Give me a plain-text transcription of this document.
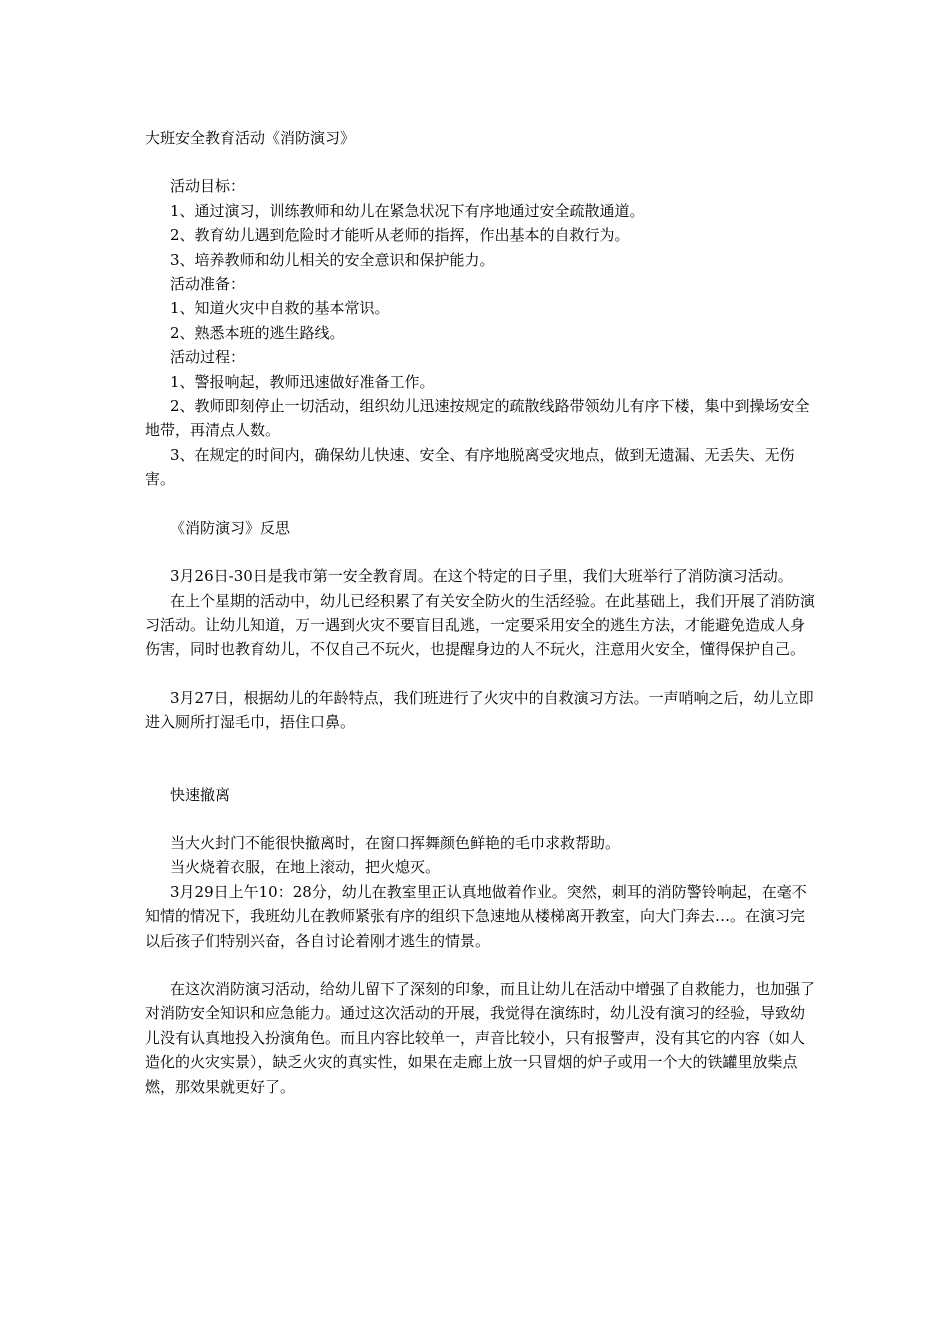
大班安全教育活动《消防演习》

活动目标：

1、通过演习，训练教师和幼儿在紧急状况下有序地通过安全疏散通道。

2、教育幼儿遇到危险时才能听从老师的指挥，作出基本的自救行为。

3、培养教师和幼儿相关的安全意识和保护能力。

活动准备：

1、知道火灾中自救的基本常识。

2、熟悉本班的逃生路线。

活动过程：

1、警报响起，教师迅速做好准备工作。

2、教师即刻停止一切活动，组织幼儿迅速按规定的疏散线路带领幼儿有序下楼，集中到操场安全地带，再清点人数。

3、在规定的时间内，确保幼儿快速、安全、有序地脱离受灾地点，做到无遗漏、无丢失、无伤害。

《消防演习》反思

3月26日-30日是我市第一安全教育周。在这个特定的日子里，我们大班举行了消防演习活动。

在上个星期的活动中，幼儿已经积累了有关安全防火的生活经验。在此基础上，我们开展了消防演习活动。让幼儿知道，万一遇到火灾不要盲目乱逃，一定要采用安全的逃生方法，才能避免造成人身伤害，同时也教育幼儿，不仅自己不玩火，也提醒身边的人不玩火，注意用火安全，懂得保护自己。

3月27日，根据幼儿的年龄特点，我们班进行了火灾中的自救演习方法。一声哨响之后，幼儿立即进入厕所打湿毛巾，捂住口鼻。

快速撤离

当大火封门不能很快撤离时，在窗口挥舞颜色鲜艳的毛巾求救帮助。

当火烧着衣服，在地上滚动，把火熄灭。

3月29日上午10：28分，幼儿在教室里正认真地做着作业。突然，刺耳的消防警铃响起，在毫不知情的情况下，我班幼儿在教师紧张有序的组织下急速地从楼梯离开教室，向大门奔去…。在演习完以后孩子们特别兴奋，各自讨论着刚才逃生的情景。

在这次消防演习活动，给幼儿留下了深刻的印象，而且让幼儿在活动中增强了自救能力，也加强了对消防安全知识和应急能力。通过这次活动的开展，我觉得在演练时，幼儿没有演习的经验，导致幼儿没有认真地投入扮演角色。而且内容比较单一，声音比较小，只有报警声，没有其它的内容（如人造化的火灾实景），缺乏火灾的真实性，如果在走廊上放一只冒烟的炉子或用一个大的铁罐里放柴点燃，那效果就更好了。
